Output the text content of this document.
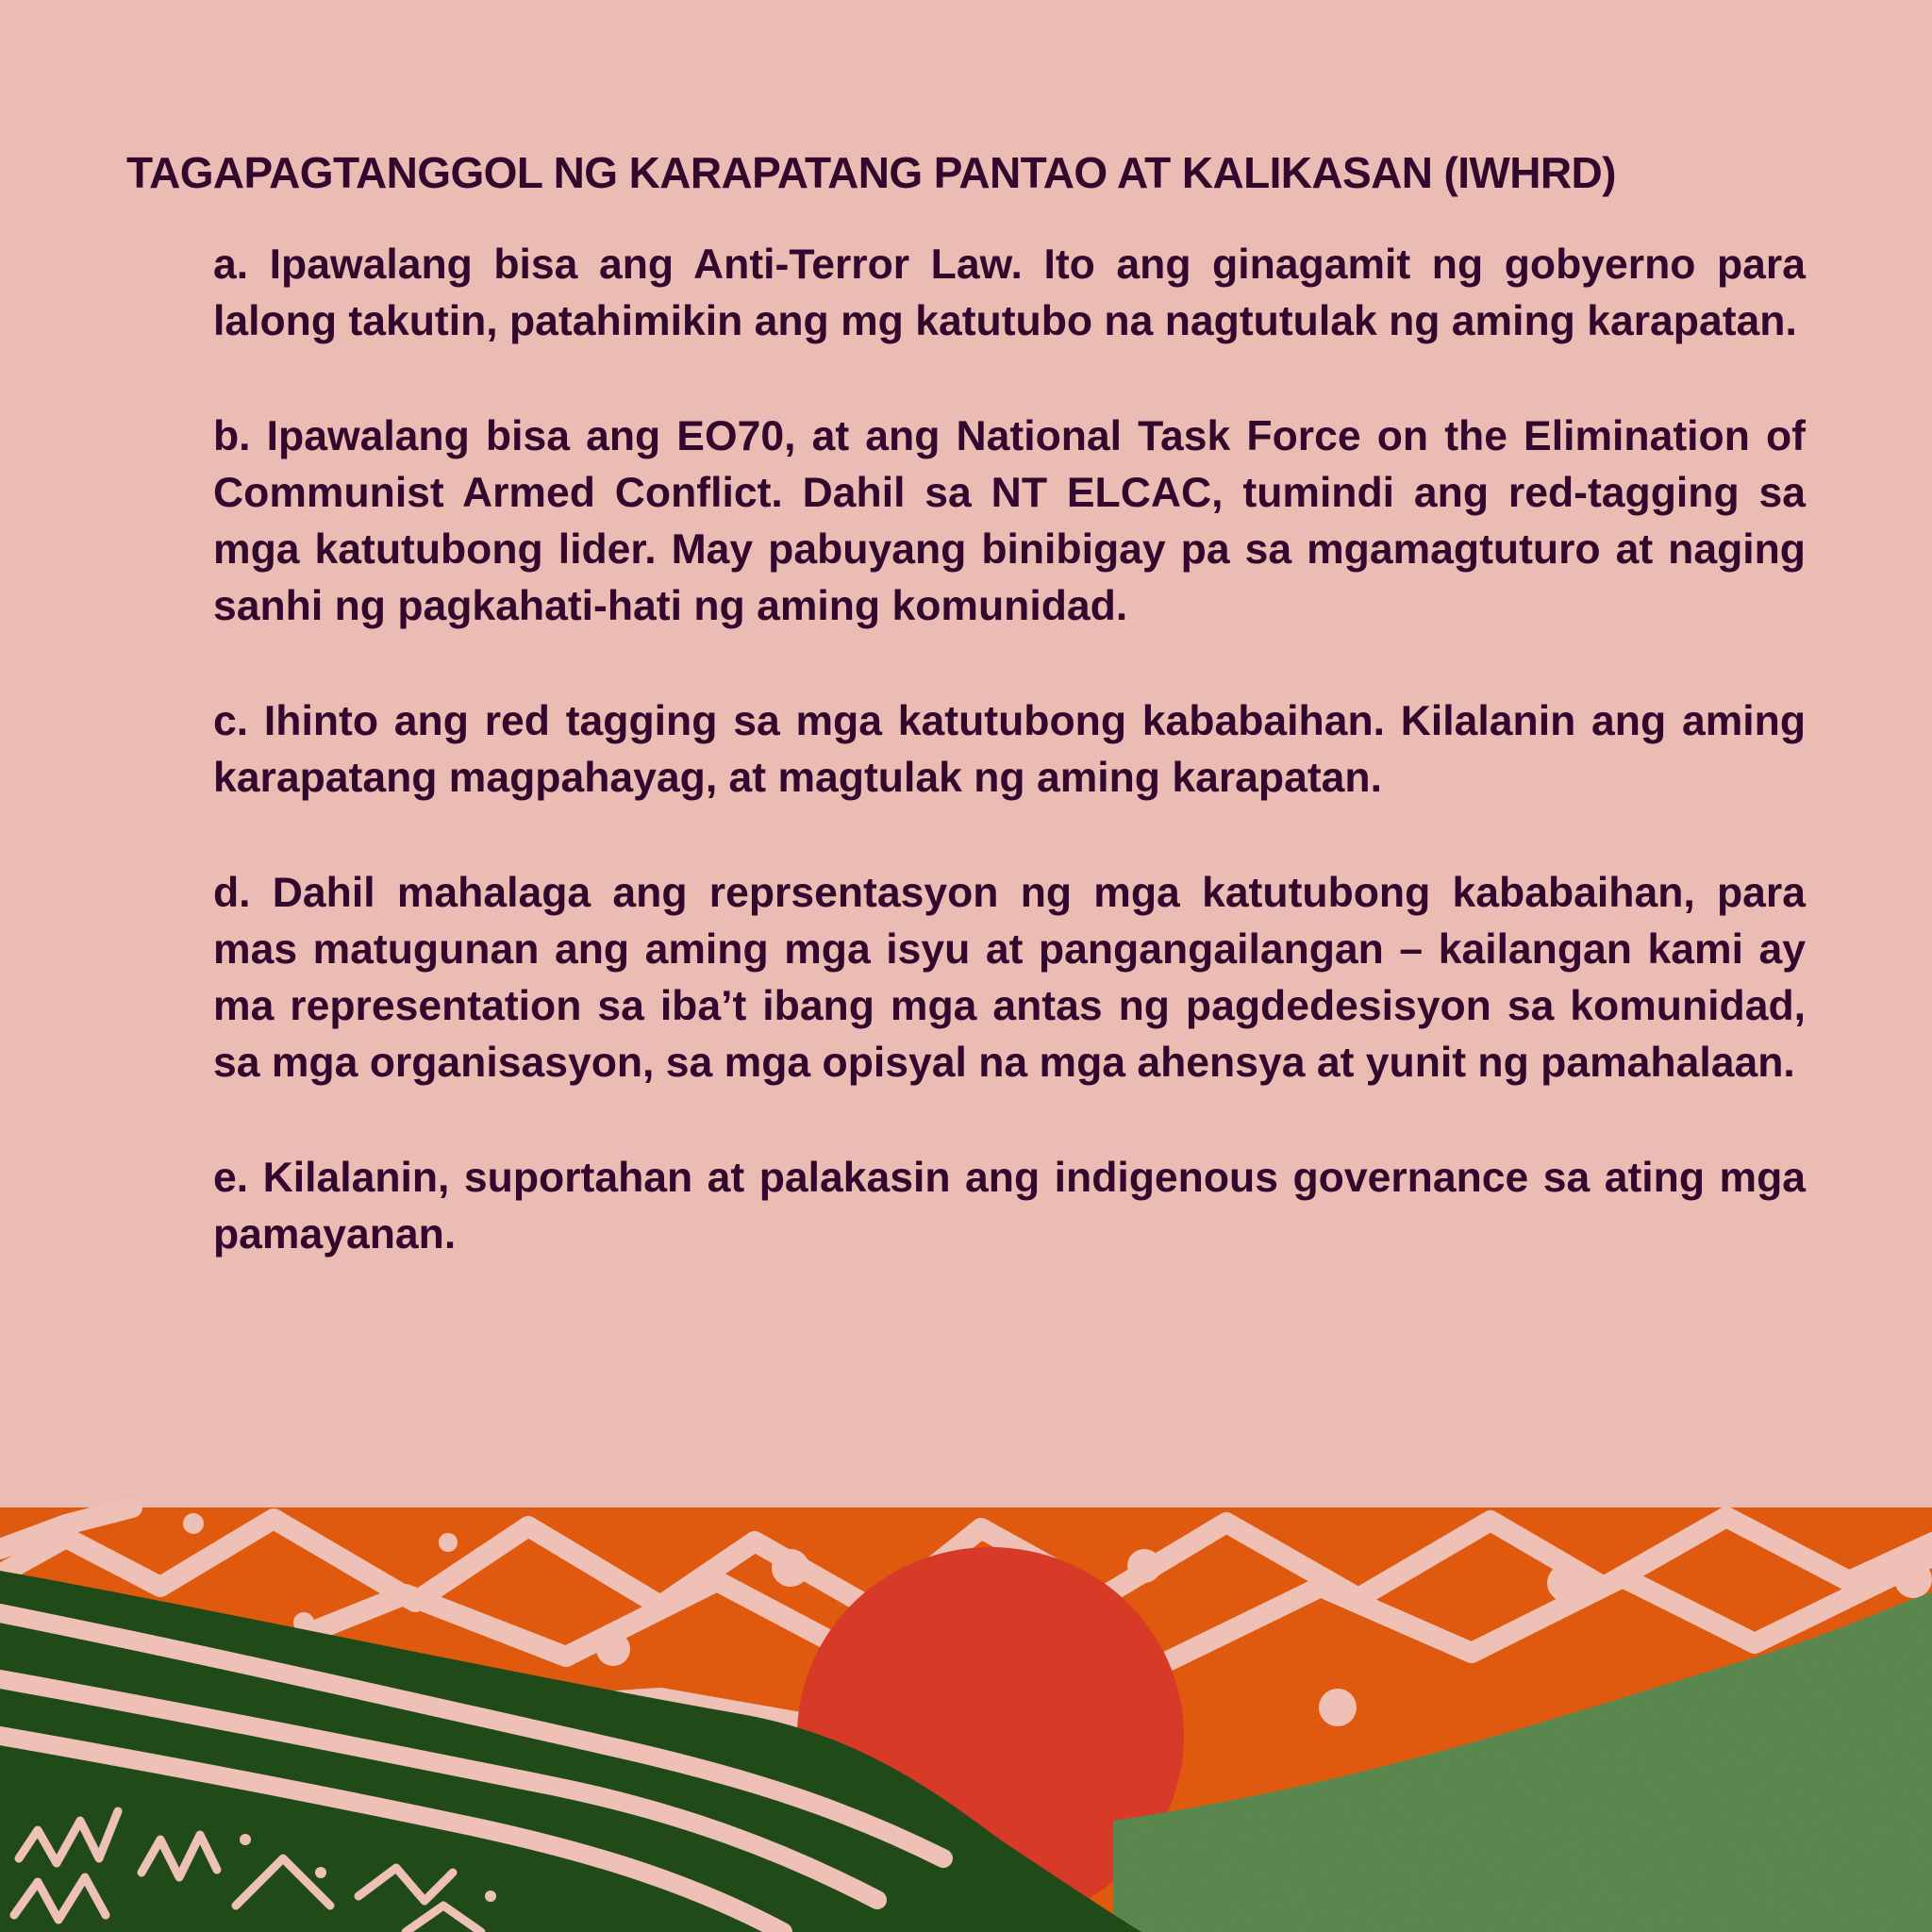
TAGAPAGTANGGOL NG KARAPATANG PANTAO AT KALIKASAN (IWHRD)
a. Ipawalang bisa ang Anti-Terror Law. Ito ang ginagamit ng gobyerno para lalong takutin, patahimikin ang mg katutubo na nagtutulak ng aming karapatan.
b. Ipawalang bisa ang EO70, at ang National Task Force on the Elimination of Communist Armed Conflict. Dahil sa NT ELCAC, tumindi ang red-tagging sa mga katutubong lider. May pabuyang binibigay pa sa mgamagtuturo at naging sanhi ng pagkahati-hati ng aming komunidad.
c. Ihinto ang red tagging sa mga katutubong kababaihan. Kilalanin ang aming karapatang magpahayag, at magtulak ng aming karapatan.
d. Dahil mahalaga ang reprsentasyon ng mga katutubong kababaihan, para mas matugunan ang aming mga isyu at pangangailangan – kailangan kami ay ma representation sa iba’t ibang mga antas ng pagdedesisyon sa komunidad, sa mga organisasyon, sa mga opisyal na mga ahensya at yunit ng pamahalaan.
e. Kilalanin, suportahan at palakasin ang indigenous governance sa ating mga pamayanan.
